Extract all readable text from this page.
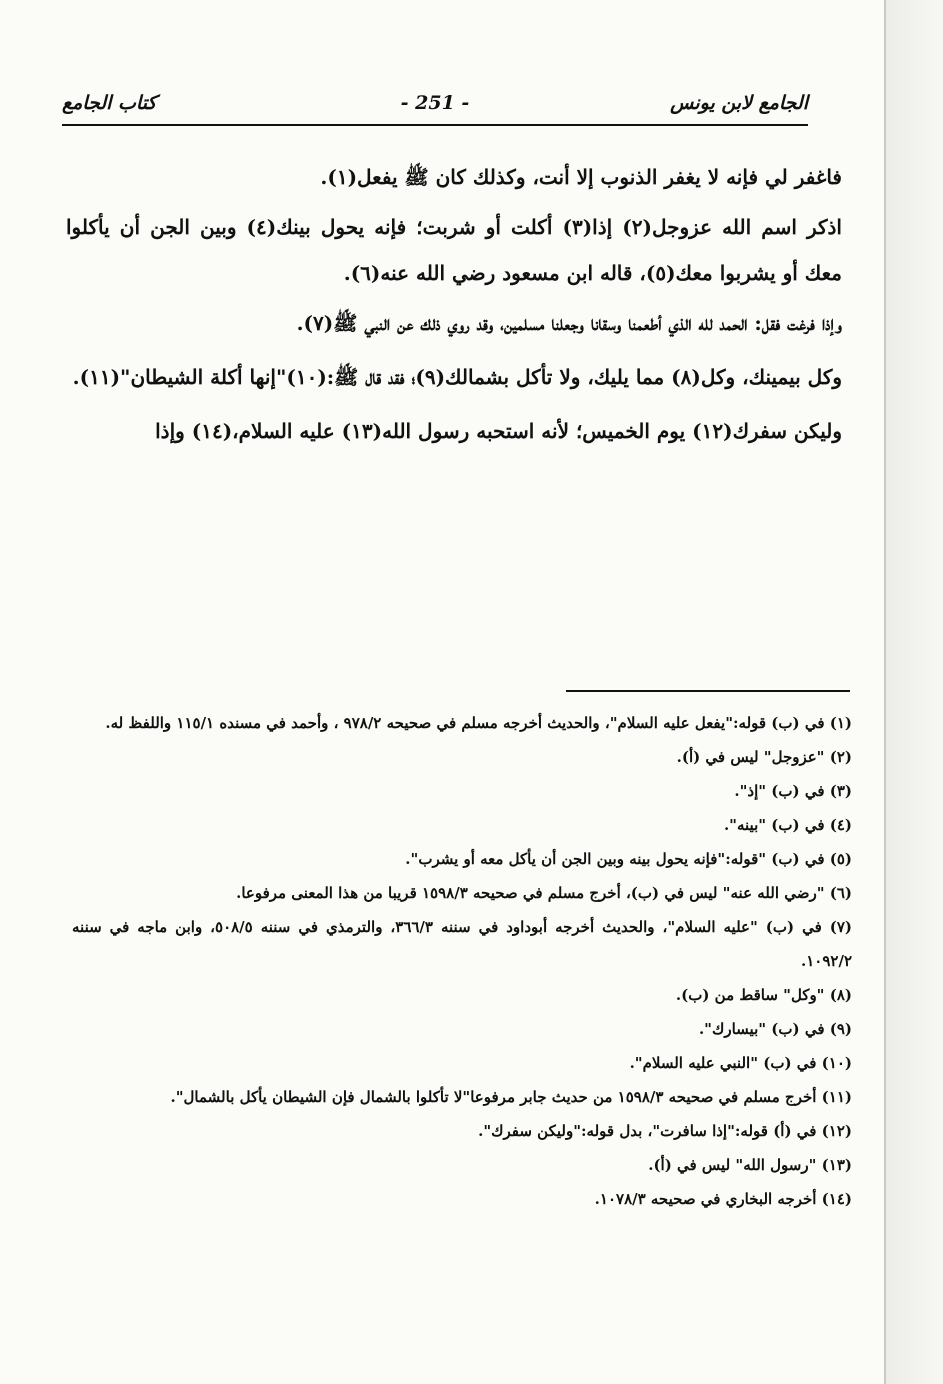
الجامع لابن يونس
- 251 -
كتاب الجامع

فاغفر لي فإنه لا يغفر الذنوب إلا أنت، وكذلك كان ﷺ يفعل(١).

اذكر اسم الله عزوجل(٢) إذا(٣) أكلت أو شربت؛ فإنه يحول بينك(٤) وبين الجن أن يأكلوا معك أو يشربوا معك(٥)، قاله ابن مسعود رضي الله عنه(٦).

وإذا فرغت فقل: الحمد لله الذي أطعمنا وسقانا وجعلنا مسلمين، وقد روي ذلك عن النبي ﷺ(٧).

وكل بيمينك، وكل(٨) مما يليك، ولا تأكل بشمالك(٩)؛ فقد قال ﷺ:(١٠)"إنها أكلة الشيطان"(١١).

وليكن سفرك(١٢) يوم الخميس؛ لأنه استحبه رسول الله(١٣) عليه السلام،(١٤) وإذا

(١) في (ب) قوله:"يفعل عليه السلام"، والحديث أخرجه مسلم في صحيحه ٩٧٨/٢ ، وأحمد في مسنده ١١٥/١ واللفظ له.

(٢) "عزوجل" ليس في (أ).

(٣) في (ب) "إذ".

(٤) في (ب) "بينه".

(٥) في (ب) "قوله:"فإنه يحول بينه وبين الجن أن يأكل معه أو يشرب".

(٦) "رضي الله عنه" ليس في (ب)، أخرج مسلم في صحيحه ١٥٩٨/٣ قريبا من هذا المعنى مرفوعا.

(٧) في (ب) "عليه السلام"، والحديث أخرجه أبوداود في سننه ٣٦٦/٣، والترمذي في سننه ٥٠٨/٥، وابن ماجه في سننه ١٠٩٢/٢.

(٨) "وكل" ساقط من (ب).

(٩) في (ب) "بيسارك".

(١٠) في (ب) "النبي عليه السلام".

(١١) أخرج مسلم في صحيحه ١٥٩٨/٣ من حديث جابر مرفوعا"لا تأكلوا بالشمال فإن الشيطان يأكل بالشمال".

(١٢) في (أ) قوله:"إذا سافرت"، بدل قوله:"وليكن سفرك".

(١٣) "رسول الله" ليس في (أ).

(١٤) أخرجه البخاري في صحيحه ١٠٧٨/٣.
